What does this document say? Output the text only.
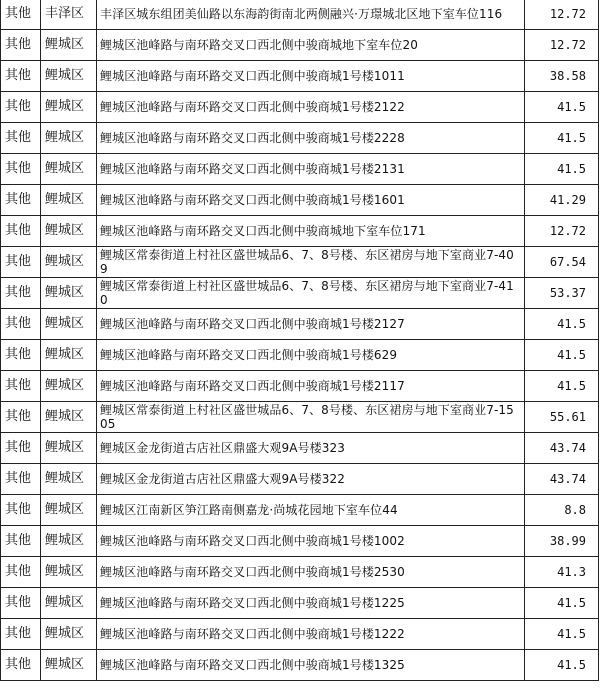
其他	丰泽区	丰泽区城东组团美仙路以东海韵街南北两侧融兴·万璟城北区地下室车位116	12.72
其他	鲤城区	鲤城区池峰路与南环路交叉口西北侧中骏商城地下室车位20	12.72
其他	鲤城区	鲤城区池峰路与南环路交叉口西北侧中骏商城1号楼1011	38.58
其他	鲤城区	鲤城区池峰路与南环路交叉口西北侧中骏商城1号楼2122	41.5
其他	鲤城区	鲤城区池峰路与南环路交叉口西北侧中骏商城1号楼2228	41.5
其他	鲤城区	鲤城区池峰路与南环路交叉口西北侧中骏商城1号楼2131	41.5
其他	鲤城区	鲤城区池峰路与南环路交叉口西北侧中骏商城1号楼1601	41.29
其他	鲤城区	鲤城区池峰路与南环路交叉口西北侧中骏商城地下室车位171	12.72
其他	鲤城区	鲤城区常泰街道上村社区盛世城品6、7、8号楼、东区裙房与地下室商业7-409	67.54
其他	鲤城区	鲤城区常泰街道上村社区盛世城品6、7、8号楼、东区裙房与地下室商业7-410	53.37
其他	鲤城区	鲤城区池峰路与南环路交叉口西北侧中骏商城1号楼2127	41.5
其他	鲤城区	鲤城区池峰路与南环路交叉口西北侧中骏商城1号楼629	41.5
其他	鲤城区	鲤城区池峰路与南环路交叉口西北侧中骏商城1号楼2117	41.5
其他	鲤城区	鲤城区常泰街道上村社区盛世城品6、7、8号楼、东区裙房与地下室商业7-1505	55.61
其他	鲤城区	鲤城区金龙街道古店社区鼎盛大观9A号楼323	43.74
其他	鲤城区	鲤城区金龙街道古店社区鼎盛大观9A号楼322	43.74
其他	鲤城区	鲤城区江南新区笋江路南侧嘉龙·尚城花园地下室车位44	8.8
其他	鲤城区	鲤城区池峰路与南环路交叉口西北侧中骏商城1号楼1002	38.99
其他	鲤城区	鲤城区池峰路与南环路交叉口西北侧中骏商城1号楼2530	41.3
其他	鲤城区	鲤城区池峰路与南环路交叉口西北侧中骏商城1号楼1225	41.5
其他	鲤城区	鲤城区池峰路与南环路交叉口西北侧中骏商城1号楼1222	41.5
其他	鲤城区	鲤城区池峰路与南环路交叉口西北侧中骏商城1号楼1325	41.5
